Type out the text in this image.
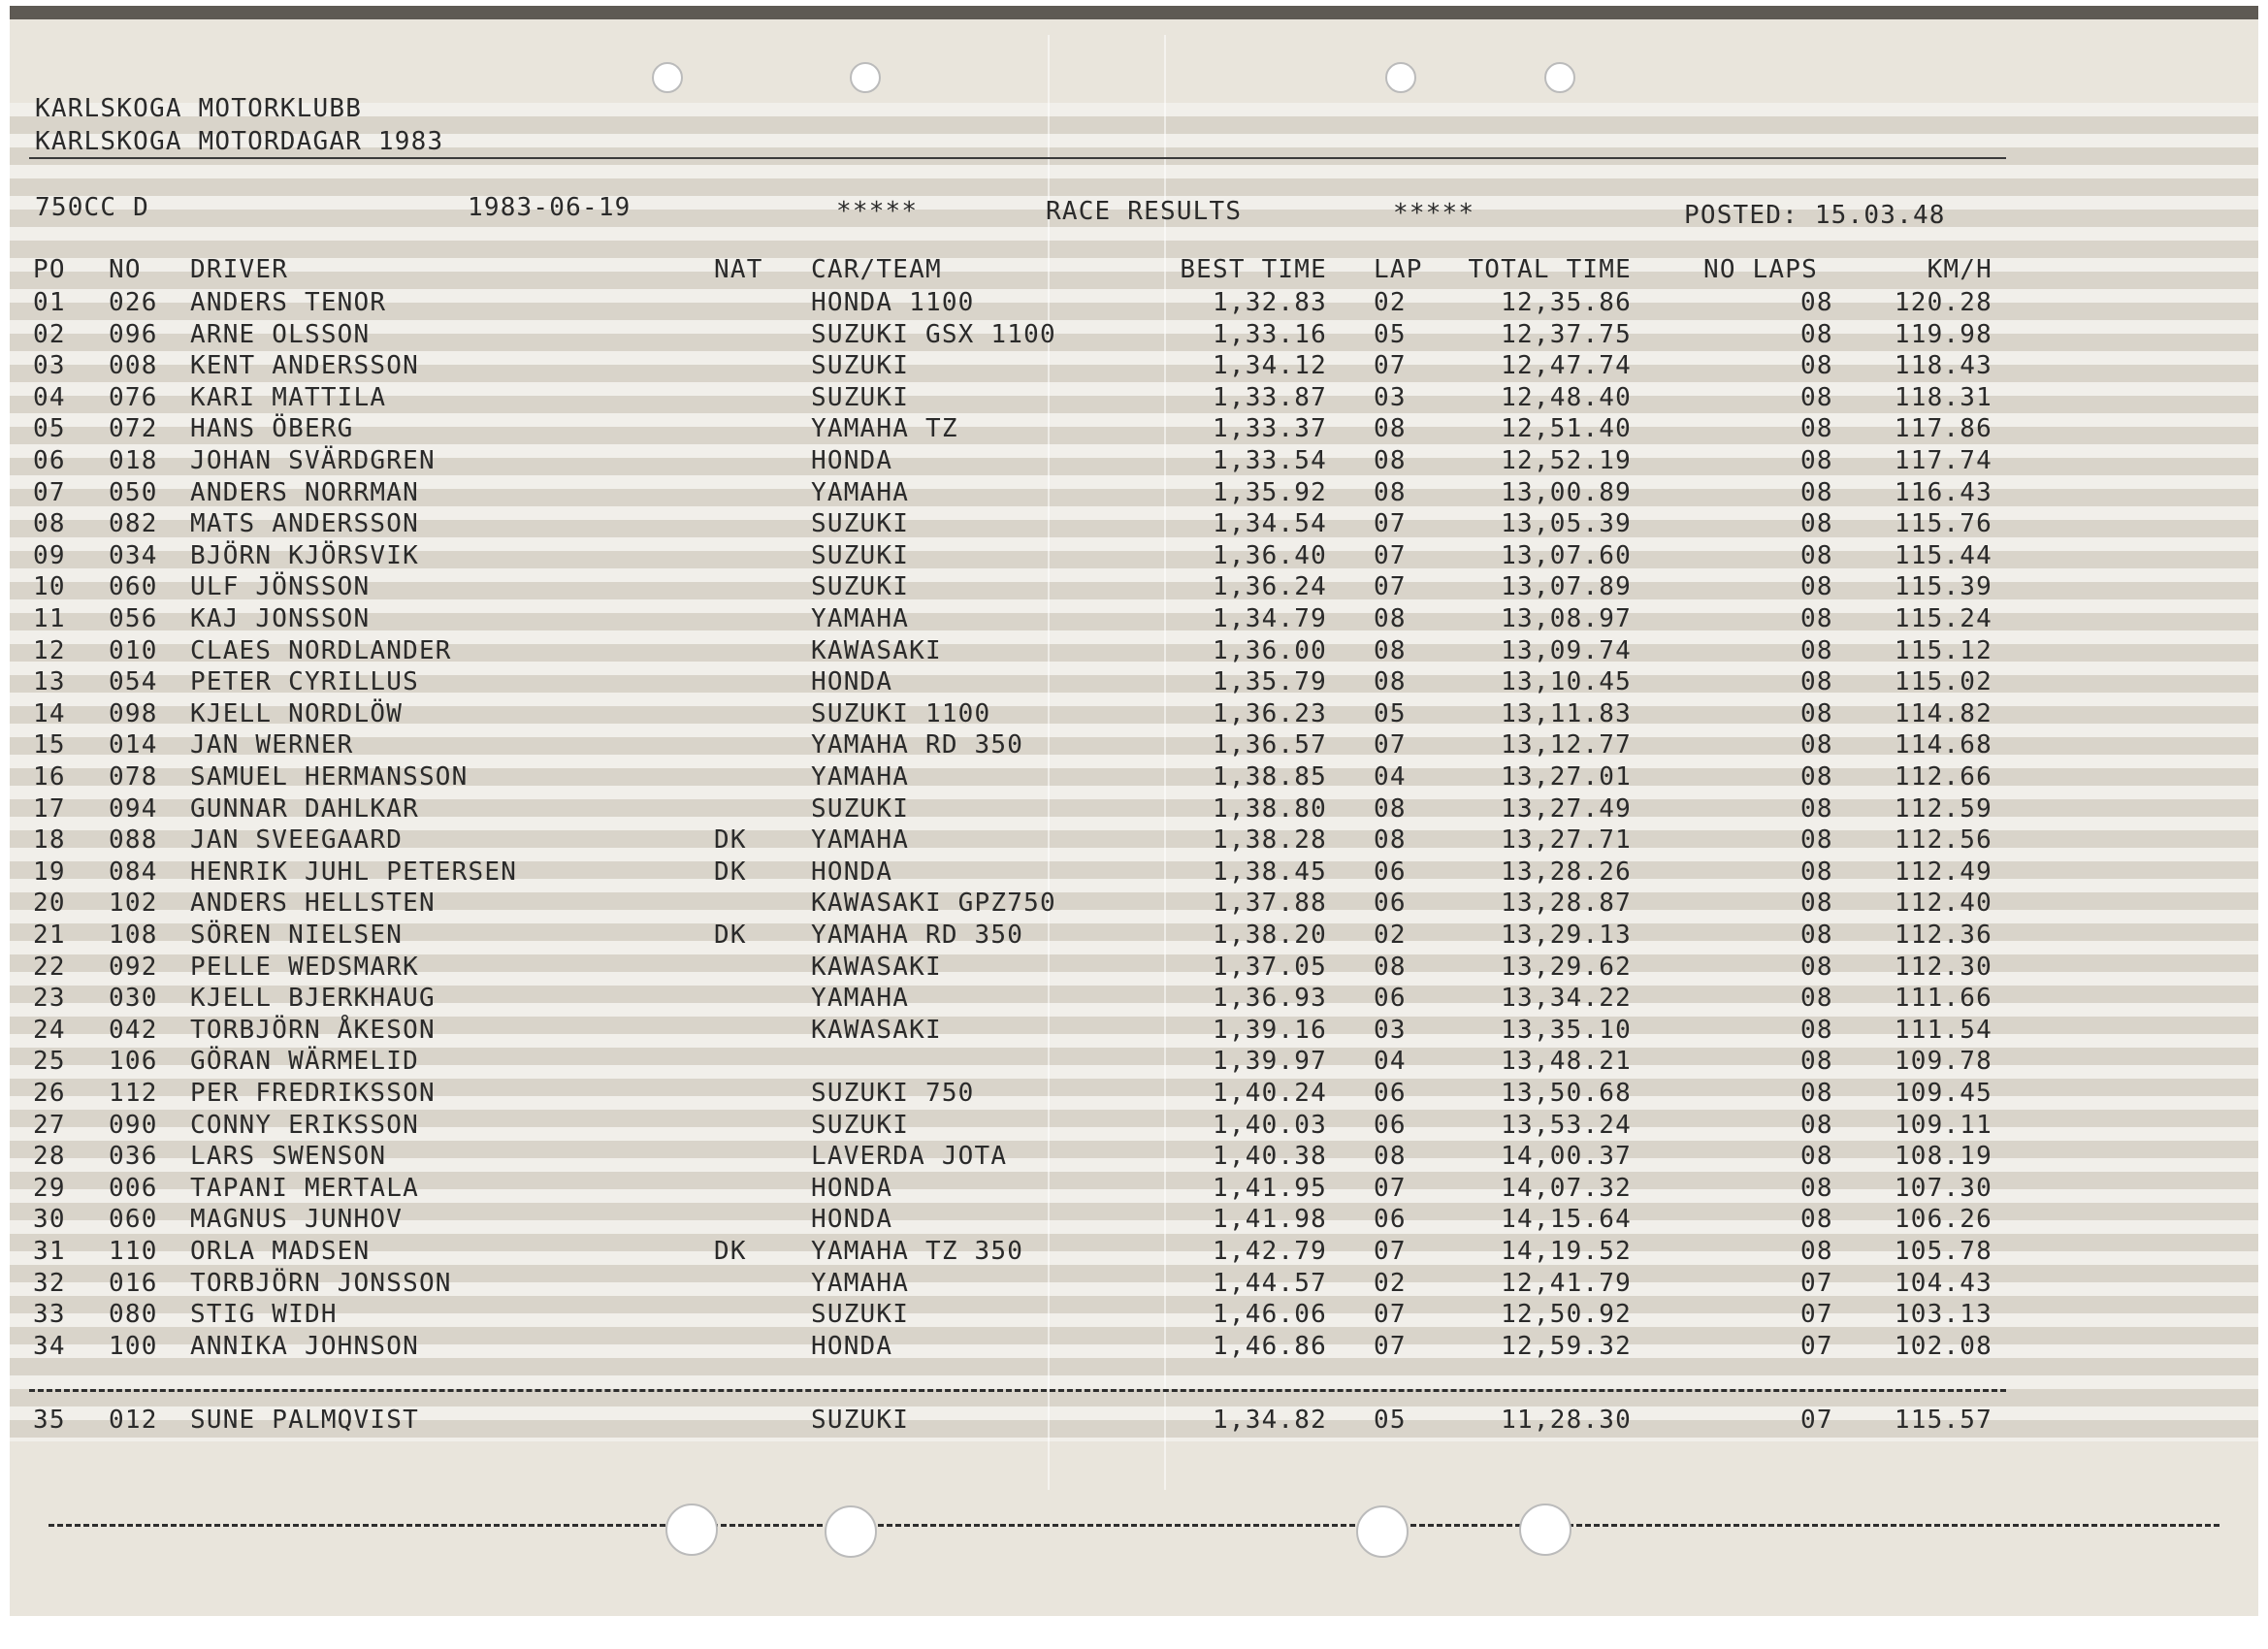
KARLSKOGA MOTORKLUBB
KARLSKOGA MOTORDAGAR 1983
750CC D	1983-06-19	*****	RACE RESULTS	*****	POSTED: 15.03.48
PO NO DRIVER	NAT CAR/TEAM	BEST TIME LAP	TOTAL TIME	NO LAPS	KM/H
01 026 ANDERS TENOR	HONDA 1100	1,32.83 02	12,35.86	08	120.28
02 096 ARNE OLSSON	SUZUKI GSX 1100	1,33.16 05	12,37.75	08	119.98
03 008 KENT ANDERSSON	SUZUKI	1,34.12 07	12,47.74	08	118.43
04 076 KARI MATTILA	SUZUKI	1,33.87 03	12,48.40	08	118.31
05 072 HANS ÖBERG	YAMAHA TZ	1,33.37 08	12,51.40	08	117.86
06 018 JOHAN SVÄRDGREN	HONDA	1,33.54 08	12,52.19	08	117.74
07 050 ANDERS NORRMAN	YAMAHA	1,35.92 08	13,00.89	08	116.43
08 082 MATS ANDERSSON	SUZUKI	1,34.54 07	13,05.39	08	115.76
09 034 BJÖRN KJÖRSVIK	SUZUKI	1,36.40 07	13,07.60	08	115.44
10 060 ULF JÖNSSON	SUZUKI	1,36.24 07	13,07.89	08	115.39
11 056 KAJ JONSSON	YAMAHA	1,34.79 08	13,08.97	08	115.24
12 010 CLAES NORDLANDER	KAWASAKI	1,36.00 08	13,09.74	08	115.12
13 054 PETER CYRILLUS	HONDA	1,35.79 08	13,10.45	08	115.02
14 098 KJELL NORDLÖW	SUZUKI 1100	1,36.23 05	13,11.83	08	114.82
15 014 JAN WERNER	YAMAHA RD 350	1,36.57 07	13,12.77	08	114.68
16 078 SAMUEL HERMANSSON	YAMAHA	1,38.85 04	13,27.01	08	112.66
17 094 GUNNAR DAHLKAR	SUZUKI	1,38.80 08	13,27.49	08	112.59
18 088 JAN SVEEGAARD	DK	YAMAHA	1,38.28 08	13,27.71	08	112.56
19 084 HENRIK JUHL PETERSEN	DK	HONDA	1,38.45 06	13,28.26	08	112.49
20 102 ANDERS HELLSTEN	KAWASAKI GPZ750	1,37.88 06	13,28.87	08	112.40
21 108 SÖREN NIELSEN	DK	YAMAHA RD 350	1,38.20 02	13,29.13	08	112.36
22 092 PELLE WEDSMARK	KAWASAKI	1,37.05 08	13,29.62	08	112.30
23 030 KJELL BJERKHAUG	YAMAHA	1,36.93 06	13,34.22	08	111.66
24 042 TORBJÖRN ÅKESON	KAWASAKI	1,39.16 03	13,35.10	08	111.54
25 106 GÖRAN WÄRMELID	1,39.97 04	13,48.21	08	109.78
26 112 PER FREDRIKSSON	SUZUKI 750	1,40.24 06	13,50.68	08	109.45
27 090 CONNY ERIKSSON	SUZUKI	1,40.03 06	13,53.24	08	109.11
28 036 LARS SWENSON	LAVERDA JOTA	1,40.38 08	14,00.37	08	108.19
29 006 TAPANI MERTALA	HONDA	1,41.95 07	14,07.32	08	107.30
30 060 MAGNUS JUNHOV	HONDA	1,41.98 06	14,15.64	08	106.26
31 110 ORLA MADSEN	DK	YAMAHA TZ 350	1,42.79 07	14,19.52	08	105.78
32 016 TORBJÖRN JONSSON	YAMAHA	1,44.57 02	12,41.79	07	104.43
33 080 STIG WIDH	SUZUKI	1,46.06 07	12,50.92	07	103.13
34 100 ANNIKA JOHNSON	HONDA	1,46.86 07	12,59.32	07	102.08
35 012 SUNE PALMQVIST	SUZUKI	1,34.82 05	11,28.30	07	115.57
